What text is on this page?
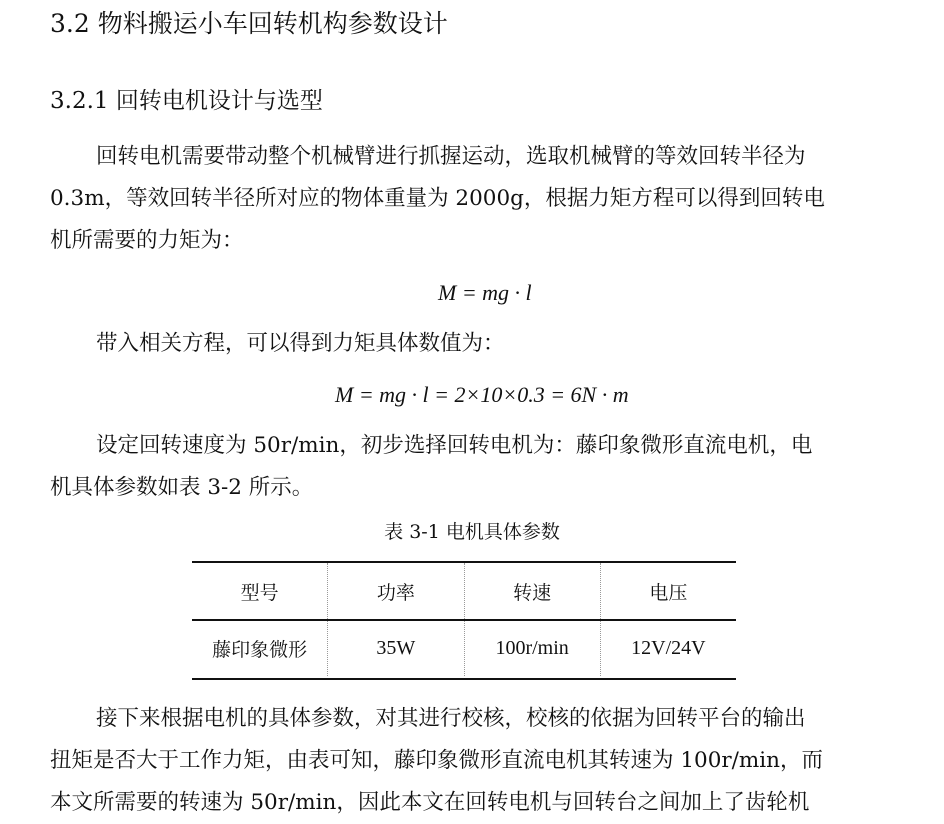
3.2 物料搬运小车回转机构参数设计
3.2.1 回转电机设计与选型
回转电机需要带动整个机械臂进行抓握运动，选取机械臂的等效回转半径为
0.3m，等效回转半径所对应的物体重量为 2000g，根据力矩方程可以得到回转电
机所需要的力矩为：
M = mg · l
带入相关方程，可以得到力矩具体数值为：
M = mg · l = 2×10×0.3 = 6N · m
设定回转速度为 50r/min，初步选择回转电机为：藤印象微形直流电机，电
机具体参数如表 3-2 所示。
表 3-1 电机具体参数
型号	功率	转速	电压
藤印象微形	35W	100r/min	12V/24V
接下来根据电机的具体参数，对其进行校核，校核的依据为回转平台的输出
扭矩是否大于工作力矩，由表可知，藤印象微形直流电机其转速为 100r/min，而
本文所需要的转速为 50r/min，因此本文在回转电机与回转台之间加上了齿轮机
